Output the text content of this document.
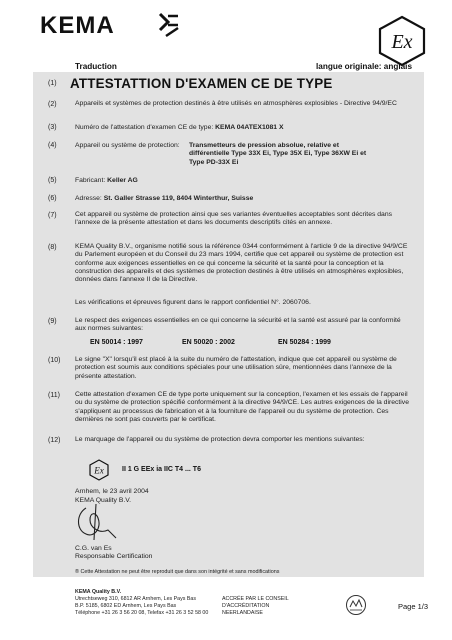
KEMA
Ex
Traduction	langue originale: anglais
(1) ATTESTATTION D'EXAMEN CE DE TYPE
(2)	Appareils et systèmes de protection destinés à être utilisés en atmosphères explosibles - Directive 94/9/EC
(3)	Numéro de l'attestation d'examen CE de type: KEMA 04ATEX1081 X
(4)	Appareil ou système de protection:	Transmetteurs de pression absolue, relative et différentielle Type 33X Ei, Type 35X Ei, Type 36XW Ei et Type PD-33X Ei
(5)	Fabricant: Keller AG
(6)	Adresse: St. Galler Strasse 119, 8404 Winterthur, Suisse
(7)	Cet appareil ou système de protection ainsi que ses variantes éventuelles acceptables sont décrites dans l'annexe de la présente attestation et dans les documents descriptifs cités en annexe.
(8)	KEMA Quality B.V., organisme notifié sous la référence 0344 conformément à l'article 9 de la directive 94/9/CE du Parlement européen et du Conseil du 23 mars 1994, certifie que cet appareil ou système de protection est conforme aux exigences essentielles en ce qui concerne la sécurité et la santé pour la conception et la construction des appareils et des systèmes de protection destinés à être utilisés en atmosphères explosibles, données dans l'annexe II de la Directive.
Les vérifications et épreuves figurent dans le rapport confidentiel N°. 2060706.
(9)	Le respect des exigences essentielles en ce qui concerne la sécurité et la santé est assuré par la conformité aux normes suivantes:
EN 50014 : 1997	EN 50020 : 2002	EN 50284 : 1999
(10) Le signe "X" lorsqu'il est placé à la suite du numéro de l'attestation, indique que cet appareil ou système de protection est soumis aux conditions spéciales pour une utilisation sûre, mentionnées dans l'annexe de la présente attestation.
(11) Cette attestation d'examen CE de type porte uniquement sur la conception, l'examen et les essais de l'appareil ou du système de protection spécifié conformément à la directive 94/9/CE. Les autres exigences de la directive s'appliquent au processus de fabrication et à la fourniture de l'appareil ou du système de protection. Ces dernières ne sont pas couverts par le certificat.
(12) Le marquage de l'appareil ou du système de protection devra comporter les mentions suivantes:
Ex	II 1 G EEx ia IIC T4 ... T6
Arnhem, le 23 avril 2004
KEMA Quality B.V.
C.G. van Es
Responsable Certification
® Cette Attestation ne peut être reproduit que dans son intégrité et sans modifications
KEMA Quality B.V.
Utrechtseweg 310, 6812 AR Arnhem, Les Pays Bas
B.P. 5185, 6802 ED Arnhem, Les Pays Bas
Téléphone +31 26 3 56 20 08, Telefax +31 26 3 52 58 00
ACCRÉE PAR LE CONSEIL
D'ACCRÉDITATION
NEERLANDAISE
Page 1/3
